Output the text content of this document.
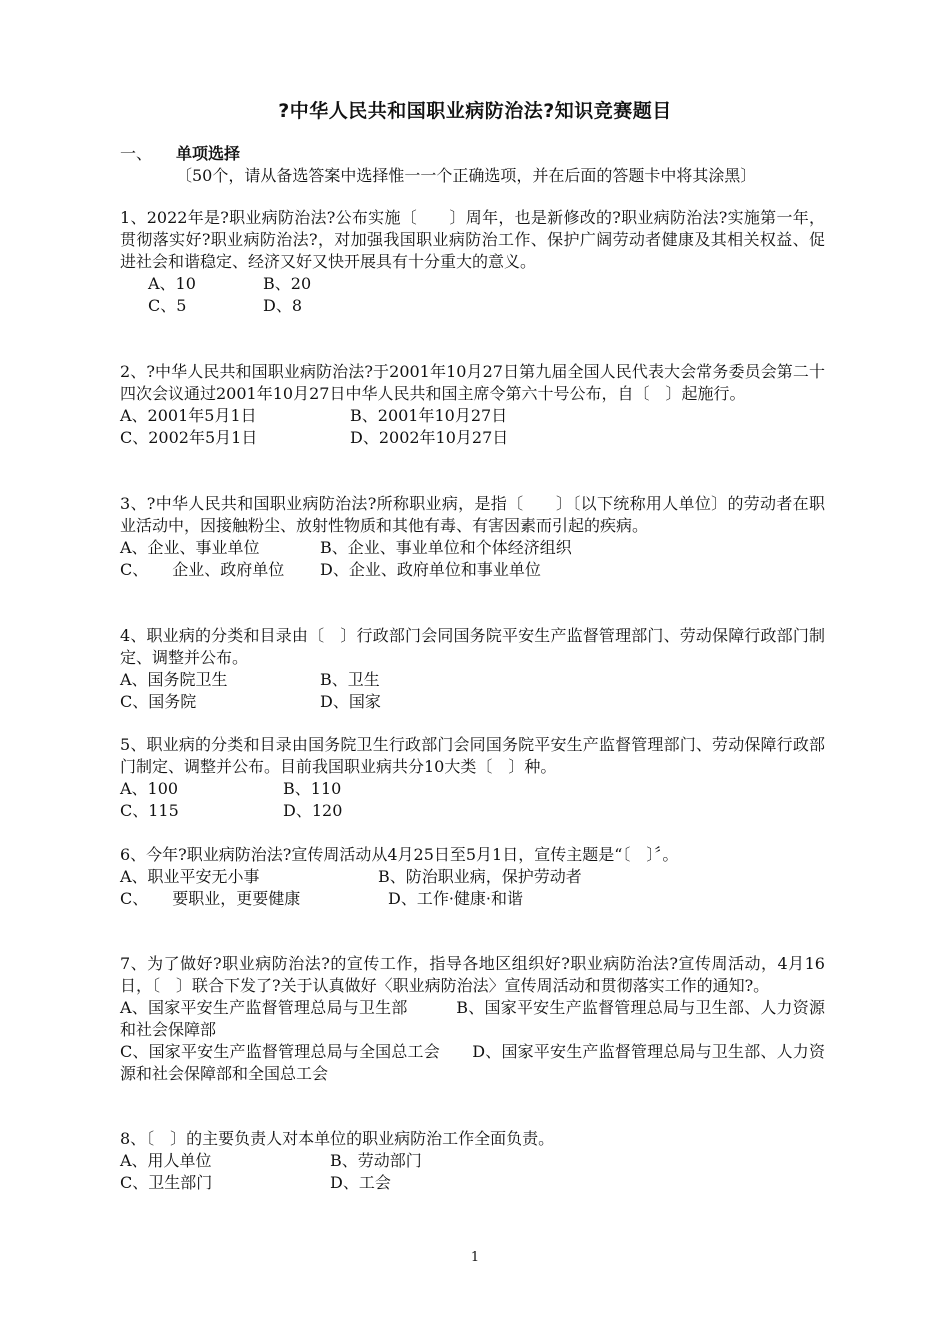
?中华人民共和国职业病防治法?知识竞赛题目
一、 单项选择〔50个，请从备选答案中选择惟一一个正确选项，并在后面的答题卡中将其涂黑〕

1、2022年是?职业病防治法?公布实施〔　　〕周年，也是新修改的?职业病防治法?实施第一年，贯彻落实好?职业病防治法?，对加强我国职业病防治工作、保护广阔劳动者健康及其相关权益、促进社会和谐稳定、经济又好又快开展具有十分重大的意义。

A、10	B、20
C、5	D、8

2、?中华人民共和国职业病防治法?于2001年10月27日第九届全国人民代表大会常务委员会第二十四次会议通过2001年10月27日中华人民共和国主席令第六十号公布，自〔　〕起施行。

A、2001年5月1日	B、2001年10月27日
C、2002年5月1日	D、2002年10月27日

3、?中华人民共和国职业病防治法?所称职业病，是指〔　　〕〔以下统称用人单位〕的劳动者在职业活动中，因接触粉尘、放射性物质和其他有毒、有害因素而引起的疾病。

A、企业、事业单位	B、企业、事业单位和个体经济组织
C、　　企业、政府单位 D、企业、政府单位和事业单位

4、职业病的分类和目录由〔　〕行政部门会同国务院平安生产监督管理部门、劳动保障行政部门制定、调整并公布。

A、国务院卫生	B、卫生
C、国务院	D、国家

5、职业病的分类和目录由国务院卫生行政部门会同国务院平安生产监督管理部门、劳动保障行政部门制定、调整并公布。目前我国职业病共分10大类〔　〕种。

A、100	B、110
C、115	D、120

6、今年?职业病防治法?宣传周活动从4月25日至5月1日，宣传主题是“〔　〕〞。

A、职业平安无小事	B、防治职业病，保护劳动者
C、　　要职业，更要健康	D、工作·健康·和谐

7、为了做好?职业病防治法?的宣传工作，指导各地区组织好?职业病防治法?宣传周活动，4月16日，〔　〕联合下发了?关于认真做好〈职业病防治法〉宣传周活动和贯彻落实工作的通知?。

A、国家平安生产监督管理总局与卫生部　　　	B、国家平安生产监督管理总局与卫生部、人力资源和社会保障部

C、国家平安生产监督管理总局与全国总工会　　 D、国家平安生产监督管理总局与卫生部、人力资源和社会保障部和全国总工会

8、〔　〕的主要负责人对本单位的职业病防治工作全面负责。

A、用人单位	B、劳动部门
C、卫生部门	D、工会
1
